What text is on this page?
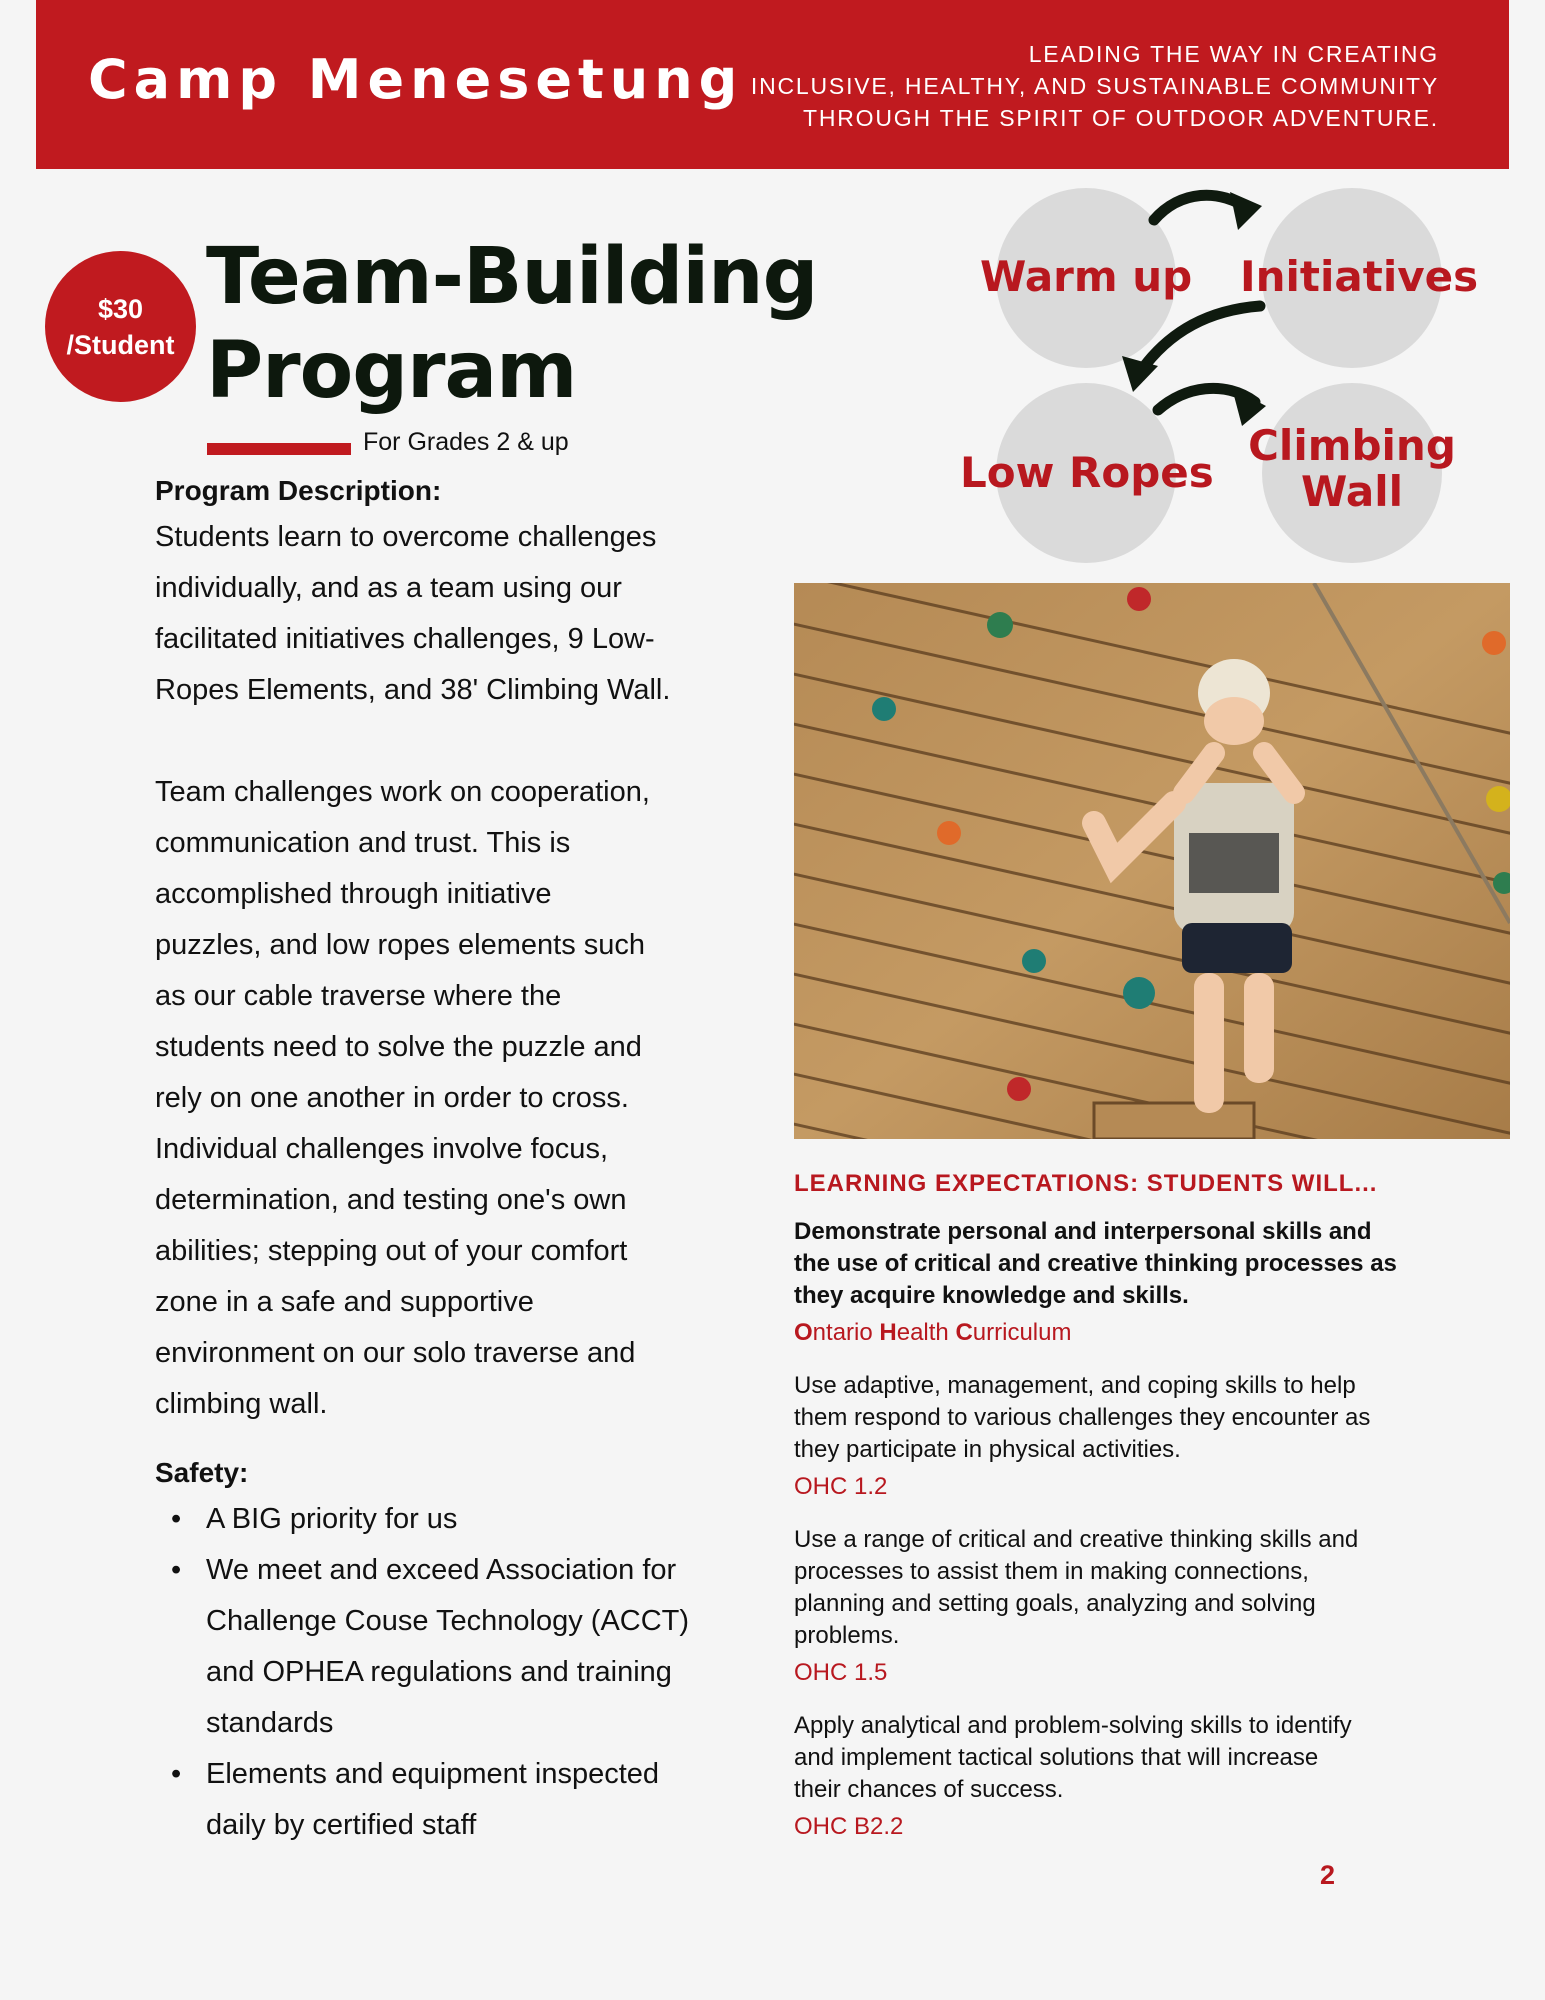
Camp Menesetung	LEADING THE WAY IN CREATING
INCLUSIVE, HEALTHY, AND SUSTAINABLE COMMUNITY
THROUGH THE SPIRIT OF OUTDOOR ADVENTURE.
$30
/Student
Team-Building
Program
For Grades 2 & up
Program Description:
Students learn to overcome challenges
individually, and as a team using our
facilitated initiatives challenges, 9 Low-
Ropes Elements, and 38' Climbing Wall.
Team challenges work on cooperation,
communication and trust. This is
accomplished through initiative
puzzles, and low ropes elements such
as our cable traverse where the
students need to solve the puzzle and
rely on one another in order to cross.
Individual challenges involve focus,
determination, and testing one's own
abilities; stepping out of your comfort
zone in a safe and supportive
environment on our solo traverse and
climbing wall.
Safety:
• A BIG priority for us
• We meet and exceed Association for
Challenge Couse Technology (ACCT)
and OPHEA regulations and training
standards
• Elements and equipment inspected
daily by certified staff
Warm up Initiatives
Low Ropes
Climbing
Wall
LEARNING EXPECTATIONS: STUDENTS WILL...
Demonstrate personal and interpersonal skills and
the use of critical and creative thinking processes as
they acquire knowledge and skills.
Ontario Health Curriculum
Use adaptive, management, and coping skills to help
them respond to various challenges they encounter as
they participate in physical activities.
OHC 1.2
Use a range of critical and creative thinking skills and
processes to assist them in making connections,
planning and setting goals, analyzing and solving
problems.
OHC 1.5
Apply analytical and problem-solving skills to identify
and implement tactical solutions that will increase
their chances of success.
OHC B2.2
2
